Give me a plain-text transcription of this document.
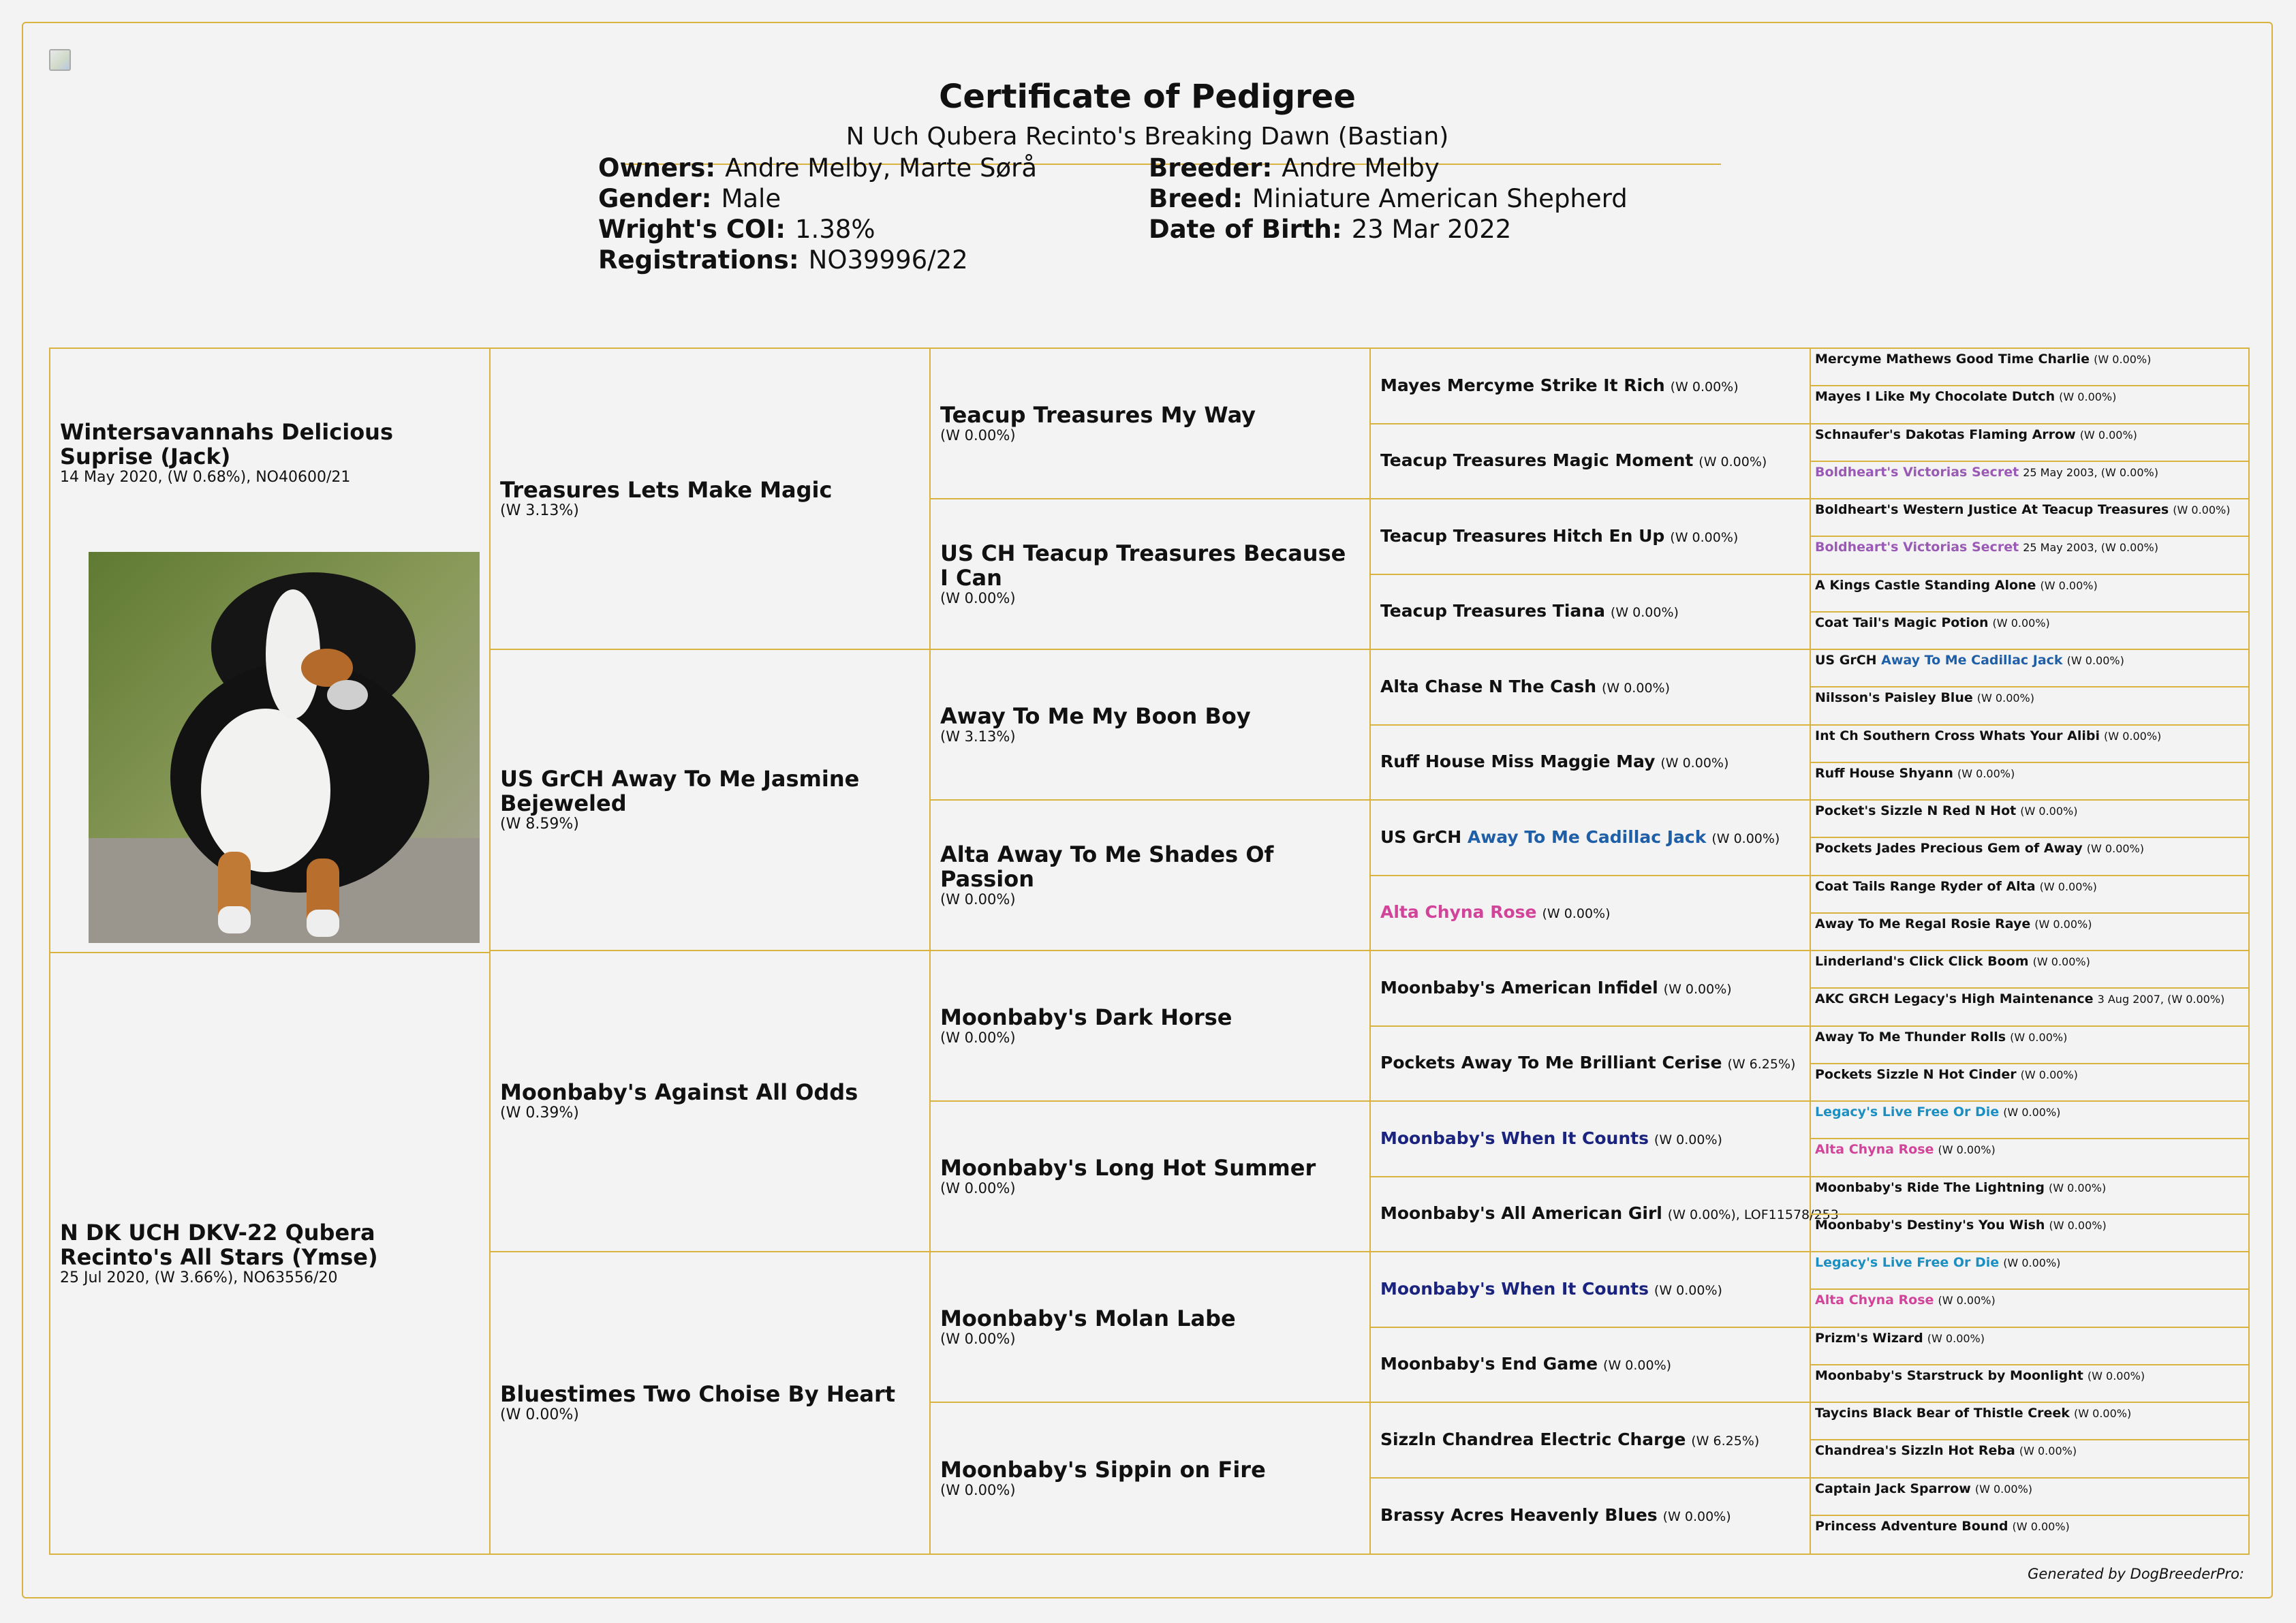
Certificate of Pedigree
N Uch Qubera Recinto's Breaking Dawn (Bastian)
Owners: Andre Melby, Marte Sørå
Gender: Male
Wright's COI: 1.38%
Registrations: NO39996/22
Breeder: Andre Melby
Breed: Miniature American Shepherd
Date of Birth: 23 Mar 2022
Wintersavannahs Delicious Suprise (Jack)
14 May 2020, (W 0.68%), NO40600/21
N DK UCH DKV-22 Qubera Recinto's All Stars (Ymse)
25 Jul 2020, (W 3.66%), NO63556/20
Treasures Lets Make Magic
(W 3.13%)
US GrCH Away To Me Jasmine Bejeweled
(W 8.59%)
Moonbaby's Against All Odds
(W 0.39%)
Bluestimes Two Choise By Heart
(W 0.00%)
Teacup Treasures My Way
(W 0.00%)
US CH Teacup Treasures Because I Can
(W 0.00%)
Away To Me My Boon Boy
(W 3.13%)
Alta Away To Me Shades Of Passion
(W 0.00%)
Moonbaby's Dark Horse
(W 0.00%)
Moonbaby's Long Hot Summer
(W 0.00%)
Moonbaby's Molan Labe
(W 0.00%)
Moonbaby's Sippin on Fire
(W 0.00%)
Mayes Mercyme Strike It Rich (W 0.00%)
Teacup Treasures Magic Moment (W 0.00%)
Teacup Treasures Hitch En Up (W 0.00%)
Teacup Treasures Tiana (W 0.00%)
Alta Chase N The Cash (W 0.00%)
Ruff House Miss Maggie May (W 0.00%)
US GrCH Away To Me Cadillac Jack (W 0.00%)
Alta Chyna Rose (W 0.00%)
Moonbaby's American Infidel (W 0.00%)
Pockets Away To Me Brilliant Cerise (W 6.25%)
Moonbaby's When It Counts (W 0.00%)
Moonbaby's All American Girl (W 0.00%), LOF11578/253
Moonbaby's When It Counts (W 0.00%)
Moonbaby's End Game (W 0.00%)
Sizzln Chandrea Electric Charge (W 6.25%)
Brassy Acres Heavenly Blues (W 0.00%)
Mercyme Mathews Good Time Charlie (W 0.00%)
Mayes I Like My Chocolate Dutch (W 0.00%)
Schnaufer's Dakotas Flaming Arrow (W 0.00%)
Boldheart's Victorias Secret 25 May 2003, (W 0.00%)
Boldheart's Western Justice At Teacup Treasures (W 0.00%)
Boldheart's Victorias Secret 25 May 2003, (W 0.00%)
A Kings Castle Standing Alone (W 0.00%)
Coat Tail's Magic Potion (W 0.00%)
US GrCH Away To Me Cadillac Jack (W 0.00%)
Nilsson's Paisley Blue (W 0.00%)
Int Ch Southern Cross Whats Your Alibi (W 0.00%)
Ruff House Shyann (W 0.00%)
Pocket's Sizzle N Red N Hot (W 0.00%)
Pockets Jades Precious Gem of Away (W 0.00%)
Coat Tails Range Ryder of Alta (W 0.00%)
Away To Me Regal Rosie Raye (W 0.00%)
Linderland's Click Click Boom (W 0.00%)
AKC GRCH Legacy's High Maintenance 3 Aug 2007, (W 0.00%)
Away To Me Thunder Rolls (W 0.00%)
Pockets Sizzle N Hot Cinder (W 0.00%)
Legacy's Live Free Or Die (W 0.00%)
Alta Chyna Rose (W 0.00%)
Moonbaby's Ride The Lightning (W 0.00%)
Moonbaby's Destiny's You Wish (W 0.00%)
Legacy's Live Free Or Die (W 0.00%)
Alta Chyna Rose (W 0.00%)
Prizm's Wizard (W 0.00%)
Moonbaby's Starstruck by Moonlight (W 0.00%)
Taycins Black Bear of Thistle Creek (W 0.00%)
Chandrea's Sizzln Hot Reba (W 0.00%)
Captain Jack Sparrow (W 0.00%)
Princess Adventure Bound (W 0.00%)
Generated by DogBreederPro:
